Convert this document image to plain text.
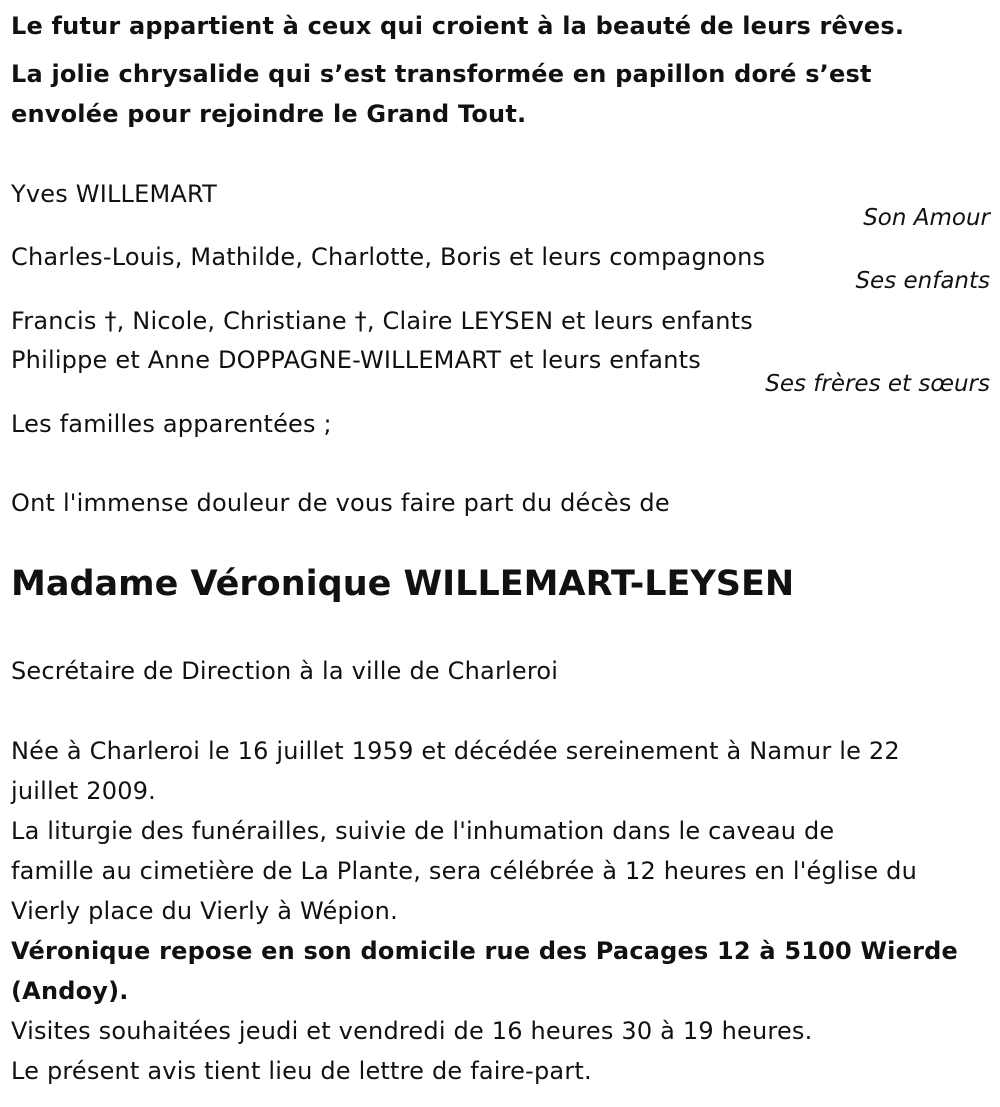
Le futur appartient à ceux qui croient à la beauté de leurs rêves.
La jolie chrysalide qui s’est transformée en papillon doré s’est
envolée pour rejoindre le Grand Tout.
Yves WILLEMART
Son Amour
Charles-Louis, Mathilde, Charlotte, Boris et leurs compagnons
Ses enfants
Francis †, Nicole, Christiane †, Claire LEYSEN et leurs enfants
Philippe et Anne DOPPAGNE-WILLEMART et leurs enfants
Ses frères et sœurs
Les familles apparentées ;
Ont l'immense douleur de vous faire part du décès de
Madame Véronique WILLEMART-LEYSEN
Secrétaire de Direction à la ville de Charleroi
Née à Charleroi le 16 juillet 1959 et décédée sereinement à Namur le 22
juillet 2009.
La liturgie des funérailles, suivie de l'inhumation dans le caveau de
famille au cimetière de La Plante, sera célébrée à 12 heures en l'église du
Vierly place du Vierly à Wépion.
Véronique repose en son domicile rue des Pacages 12 à 5100 Wierde
(Andoy).
Visites souhaitées jeudi et vendredi de 16 heures 30 à 19 heures.
Le présent avis tient lieu de lettre de faire-part.
